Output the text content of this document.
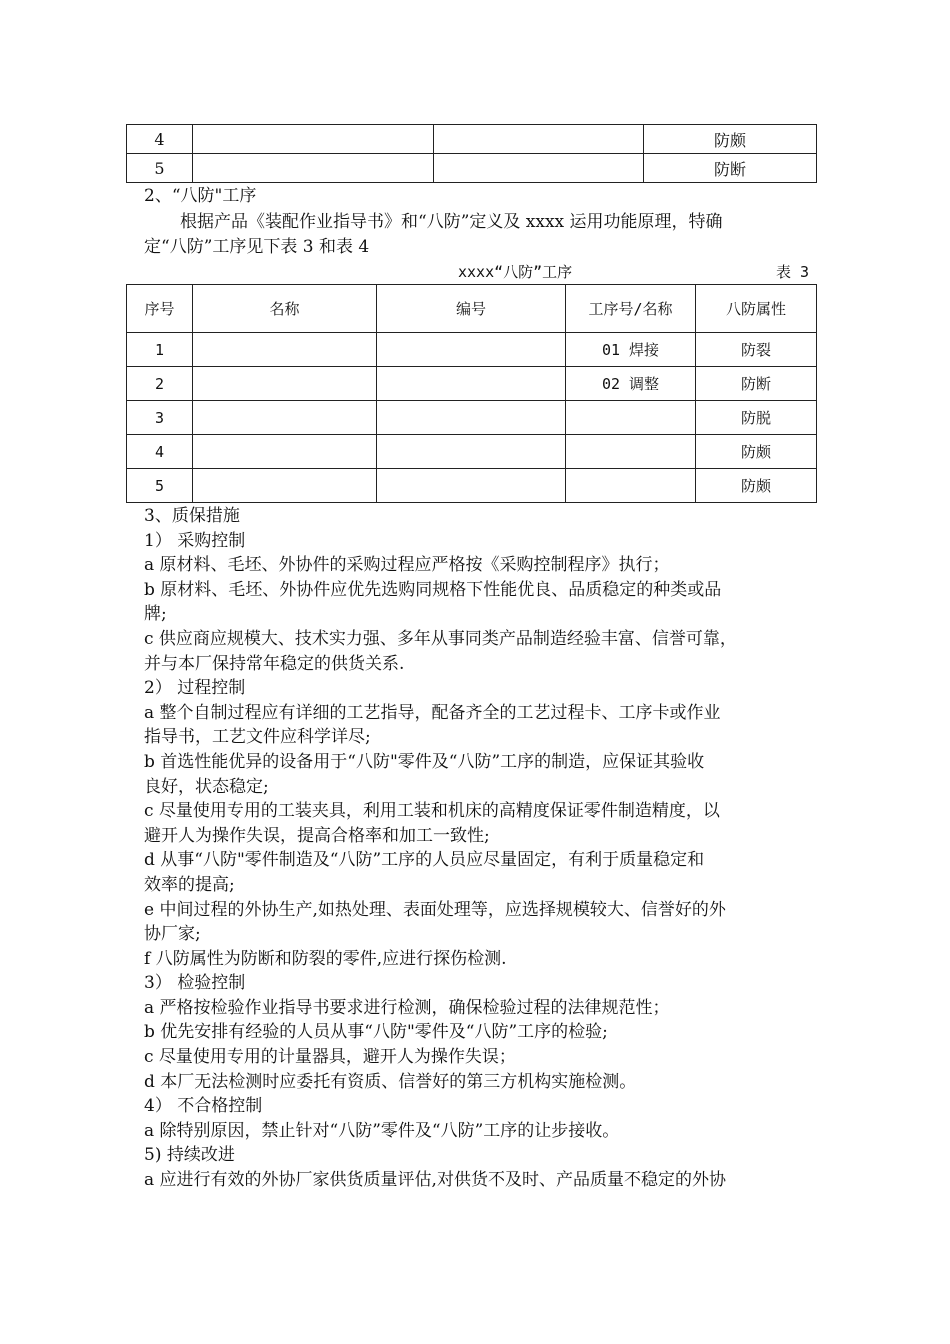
4			防颇
5			防断
2、“八防"工序
根据产品《装配作业指导书》和“八防”定义及 xxxx 运用功能原理，特确
定“八防”工序见下表 3 和表 4
xxxx“八防”工序	表 3
序号	名称	编号	工序号/名称	八防属性
1			01 焊接	防裂
2			02 调整	防断
3				防脱
4				防颇
5				防颇
3、质保措施
1） 采购控制
a 原材料、毛坯、外协件的采购过程应严格按《采购控制程序》执行；
b 原材料、毛坯、外协件应优先选购同规格下性能优良、品质稳定的种类或品
牌;
c 供应商应规模大、技术实力强、多年从事同类产品制造经验丰富、信誉可靠，
并与本厂保持常年稳定的供货关系.
2） 过程控制
a 整个自制过程应有详细的工艺指导，配备齐全的工艺过程卡、工序卡或作业
指导书，工艺文件应科学详尽;
b 首选性能优异的设备用于“八防"零件及“八防”工序的制造，应保证其验收
良好，状态稳定;
c 尽量使用专用的工装夹具，利用工装和机床的高精度保证零件制造精度，以
避开人为操作失误，提高合格率和加工一致性;
d 从事“八防"零件制造及“八防”工序的人员应尽量固定，有利于质量稳定和
效率的提高;
e 中间过程的外协生产,如热处理、表面处理等，应选择规模较大、信誉好的外
协厂家;
f 八防属性为防断和防裂的零件,应进行探伤检测.
3） 检验控制
a 严格按检验作业指导书要求进行检测，确保检验过程的法律规范性；
b 优先安排有经验的人员从事“八防"零件及“八防”工序的检验;
c 尽量使用专用的计量器具，避开人为操作失误；
d 本厂无法检测时应委托有资质、信誉好的第三方机构实施检测。
4） 不合格控制
a 除特别原因，禁止针对“八防”零件及“八防”工序的让步接收。
5) 持续改进
a 应进行有效的外协厂家供货质量评估,对供货不及时、产品质量不稳定的外协
